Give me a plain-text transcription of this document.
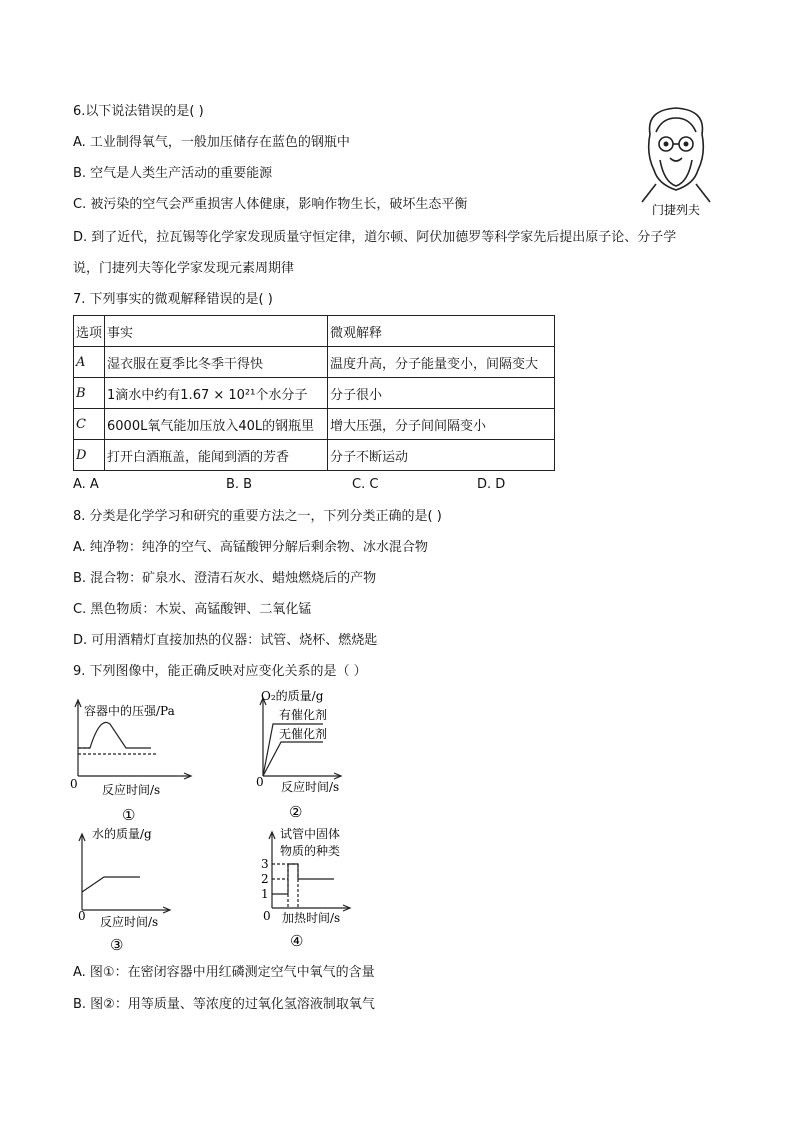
6.以下说法错误的是( )
A. 工业制得氧气，一般加压储存在蓝色的钢瓶中
B. 空气是人类生产活动的重要能源
C. 被污染的空气会严重损害人体健康，影响作物生长，破坏生态平衡
D. 到了近代，拉瓦锡等化学家发现质量守恒定律，道尔顿、阿伏加德罗等科学家先后提出原子论、分子学
说，门捷列夫等化学家发现元素周期律
门捷列夫
7. 下列事实的微观解释错误的是( )
选项	事实	微观解释
A	湿衣服在夏季比冬季干得快	温度升高，分子能量变小，间隔变大
B	1滴水中约有1.67 × 10²¹个水分子	分子很小
C	6000L氧气能加压放入40L的钢瓶里	增大压强，分子间间隔变小
D	打开白酒瓶盖，能闻到酒的芳香	分子不断运动
A. A	B. B	C. C	D. D
8. 分类是化学学习和研究的重要方法之一，下列分类正确的是( )
A. 纯净物：纯净的空气、高锰酸钾分解后剩余物、冰水混合物
B. 混合物：矿泉水、澄清石灰水、蜡烛燃烧后的产物
C. 黑色物质：木炭、高锰酸钾、二氧化锰
D. 可用酒精灯直接加热的仪器：试管、烧杯、燃烧匙
9. 下列图像中，能正确反映对应变化关系的是（ ）
容器中的压强/Pa
0 反应时间/s
①
O₂的质量/g
有催化剂
无催化剂
0 反应时间/s
②
水的质量/g
0 反应时间/s
③
试管中固体
物质的种类
3
2
1
0 加热时间/s
④
A. 图①：在密闭容器中用红磷测定空气中氧气的含量
B. 图②：用等质量、等浓度的过氧化氢溶液制取氧气
